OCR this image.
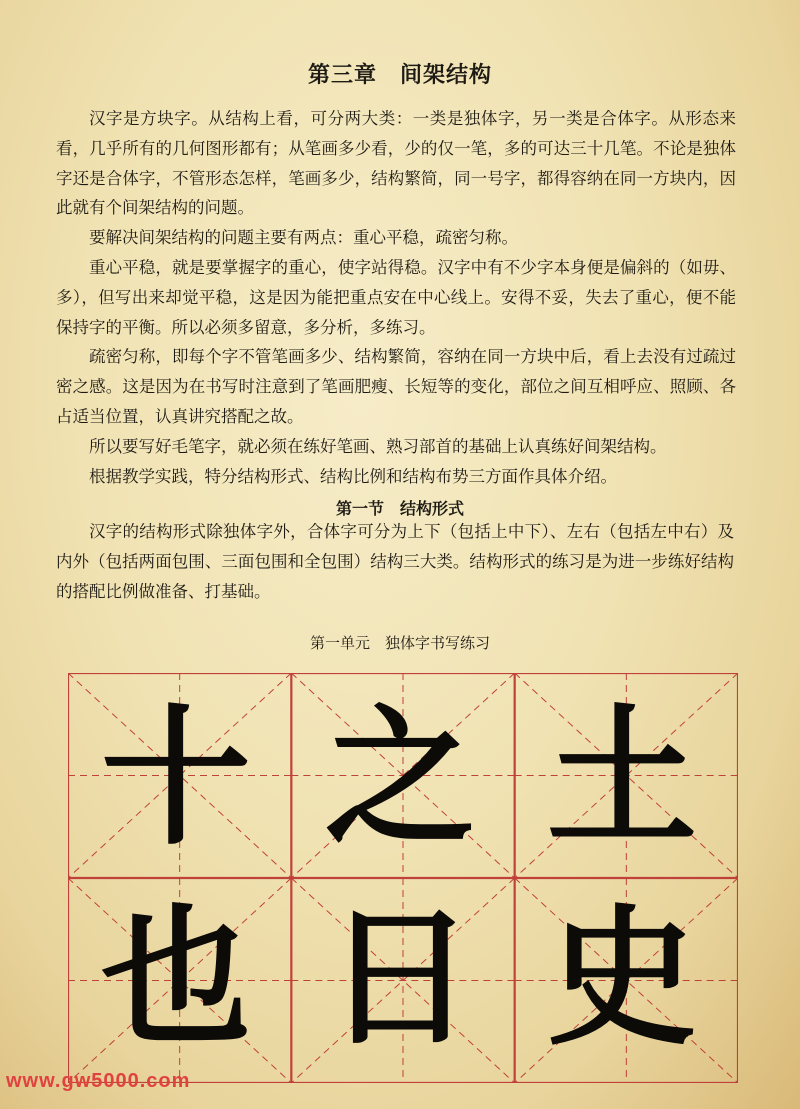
第三章　间架结构

汉字是方块字。从结构上看，可分两大类：一类是独体字，另一类是合体字。从形态来看，几乎所有的几何图形都有；从笔画多少看，少的仅一笔，多的可达三十几笔。不论是独体字还是合体字，不管形态怎样，笔画多少，结构繁简，同一号字，都得容纳在同一方块内，因此就有个间架结构的问题。

要解决间架结构的问题主要有两点：重心平稳，疏密匀称。

重心平稳，就是要掌握字的重心，使字站得稳。汉字中有不少字本身便是偏斜的（如毋、多），但写出来却觉平稳，这是因为能把重点安在中心线上。安得不妥，失去了重心，便不能保持字的平衡。所以必须多留意，多分析，多练习。

疏密匀称，即每个字不管笔画多少、结构繁简，容纳在同一方块中后，看上去没有过疏过密之感。这是因为在书写时注意到了笔画肥瘦、长短等的变化，部位之间互相呼应、照顾、各占适当位置，认真讲究搭配之故。

所以要写好毛笔字，就必须在练好笔画、熟习部首的基础上认真练好间架结构。

根据教学实践，特分结构形式、结构比例和结构布势三方面作具体介绍。

第一节　结构形式

汉字的结构形式除独体字外，合体字可分为上下（包括上中下）、左右（包括左中右）及内外（包括两面包围、三面包围和全包围）结构三大类。结构形式的练习是为进一步练好结构的搭配比例做准备、打基础。

第一单元　独体字书写练习
十 之 土
也 日 史
www.gw5000.com
